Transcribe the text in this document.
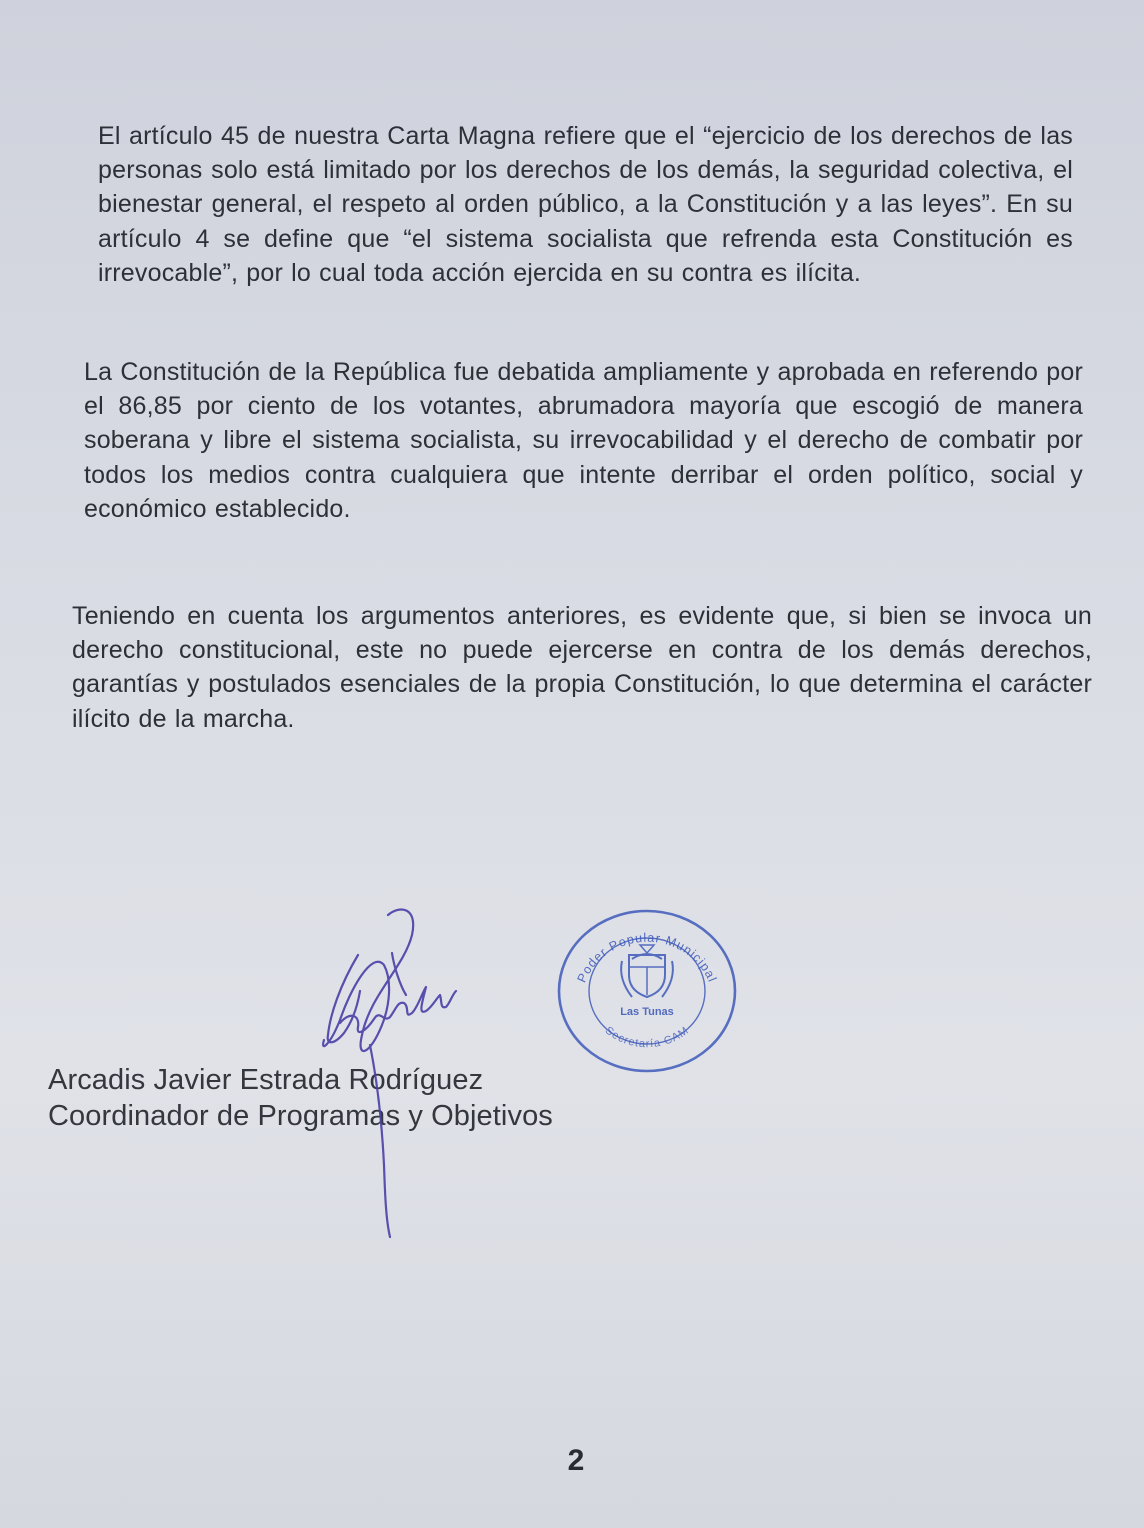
El artículo 45 de nuestra Carta Magna refiere que el “ejercicio de los derechos de las personas solo está limitado por los derechos de los demás, la seguridad colectiva, el bienestar general, el respeto al orden público, a la Constitución y a las leyes”. En su artículo 4 se define que “el sistema socialista que refrenda esta Constitución es irrevocable”, por lo cual toda acción ejercida en su contra es ilícita.

La Constitución de la República fue debatida ampliamente y aprobada en referendo por el 86,85 por ciento de los votantes, abrumadora mayoría que escogió de manera soberana y libre el sistema socialista, su irrevocabilidad y el derecho de combatir por todos los medios contra cualquiera que intente derribar el orden político, social y económico establecido.

Teniendo en cuenta los argumentos anteriores, es evidente que, si bien se invoca un derecho constitucional, este no puede ejercerse en contra de los demás derechos, garantías y postulados esenciales de la propia Constitución, lo que determina el carácter ilícito de la marcha.

Poder Popular Municipal
Las Tunas
Secretaría CAM
Arcadis Javier Estrada Rodríguez
Coordinador de Programas y Objetivos
2
